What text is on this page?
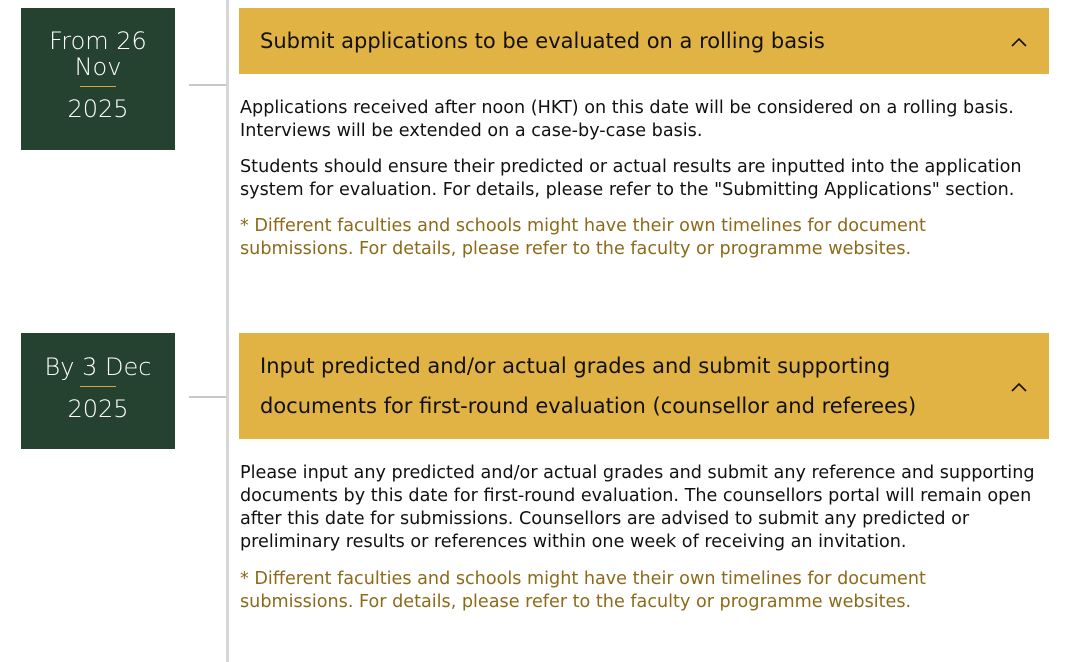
From 26 Nov
2025
Submit applications to be evaluated on a rolling basis

Applications received after noon (HKT) on this date will be considered on a rolling basis. Interviews will be extended on a case-by-case basis.

Students should ensure their predicted or actual results are inputted into the application system for evaluation. For details, please refer to the "Submitting Applications" section.

* Different faculties and schools might have their own timelines for document submissions. For details, please refer to the faculty or programme websites.

By 3 Dec
2025
Input predicted and/or actual grades and submit supporting documents for first-round evaluation (counsellor and referees)

Please input any predicted and/or actual grades and submit any reference and supporting documents by this date for first-round evaluation. The counsellors portal will remain open after this date for submissions. Counsellors are advised to submit any predicted or preliminary results or references within one week of receiving an invitation.

* Different faculties and schools might have their own timelines for document submissions. For details, please refer to the faculty or programme websites.
